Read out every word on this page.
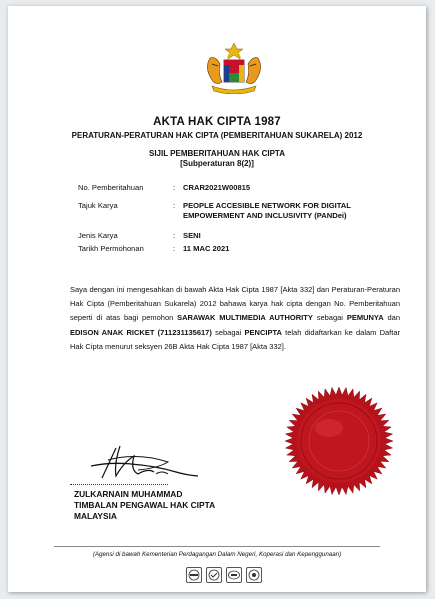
AKTA HAK CIPTA 1987
PERATURAN-PERATURAN HAK CIPTA (PEMBERITAHUAN SUKARELA) 2012
SIJIL PEMBERITAHUAN HAK CIPTA
[Subperaturan 8(2)]
No. Pemberitahuan	: CRAR2021W00815
Tajuk Karya	: PEOPLE ACCESIBLE NETWORK FOR DIGITAL EMPOWERMENT AND INCLUSIVITY (PANDei)
Jenis Karya	: SENI
Tarikh Permohonan	: 11 MAC 2021
Saya dengan ini mengesahkan di bawah Akta Hak Cipta 1987 [Akta 332] dan Peraturan-Peraturan Hak Cipta (Pemberitahuan Sukarela) 2012 bahawa karya hak cipta dengan No. Pemberitahuan seperti di atas bagi pemohon SARAWAK MULTIMEDIA AUTHORITY sebagai PEMUNYA dan EDISON ANAK RICKET (711231135617) sebagai PENCIPTA telah didaftarkan ke dalam Daftar Hak Cipta menurut seksyen 26B Akta Hak Cipta 1987 [Akta 332].
ZULKARNAIN MUHAMMAD
TIMBALAN PENGAWAL HAK CIPTA
MALAYSIA
(Agensi di bawah Kementerian Perdagangan Dalam Negeri, Koperasi dan Kepenggunaan)
